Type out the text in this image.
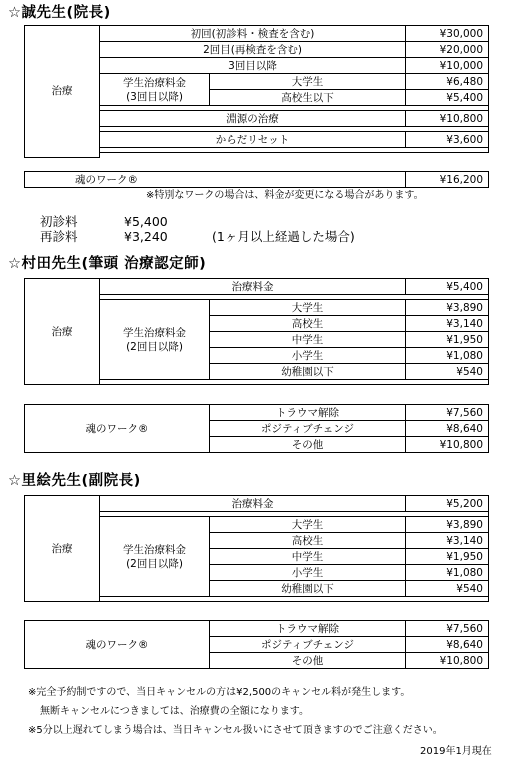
☆誠先生(院長)
治療	初回(初診料・検査を含む)		¥30,000
	2回目(再検査を含む)		¥20,000
	3回目以降		¥10,000
	学生治療料金
(3回目以降)	大学生	¥6,480
		高校生以下	¥5,400

	淵源の治療		¥10,800

	からだリセット		¥3,600

魂のワーク®	¥16,200
※特別なワークの場合は、料金が変更になる場合があります。
初診料	¥5,400
再診料	¥3,240	(1ヶ月以上経過した場合)
☆村田先生(筆頭 治療認定師)
治療	治療料金		¥5,400

	学生治療料金
(2回目以降)	大学生	¥3,890
		高校生	¥3,140
		中学生	¥1,950
		小学生	¥1,080
		幼稚園以下	¥540

魂のワーク®	トラウマ解除	¥7,560
	ポジティブチェンジ	¥8,640
	その他	¥10,800
☆里絵先生(副院長)
治療	治療料金		¥5,200

	学生治療料金
(2回目以降)	大学生	¥3,890
		高校生	¥3,140
		中学生	¥1,950
		小学生	¥1,080
		幼稚園以下	¥540

魂のワーク®	トラウマ解除	¥7,560
	ポジティブチェンジ	¥8,640
	その他	¥10,800
※完全予約制ですので、当日キャンセルの方は¥2,500のキャンセル料が発生します。
無断キャンセルにつきましては、治療費の全額になります。
※5分以上遅れてしまう場合は、当日キャンセル扱いにさせて頂きますのでご注意ください。
2019年1月現在
